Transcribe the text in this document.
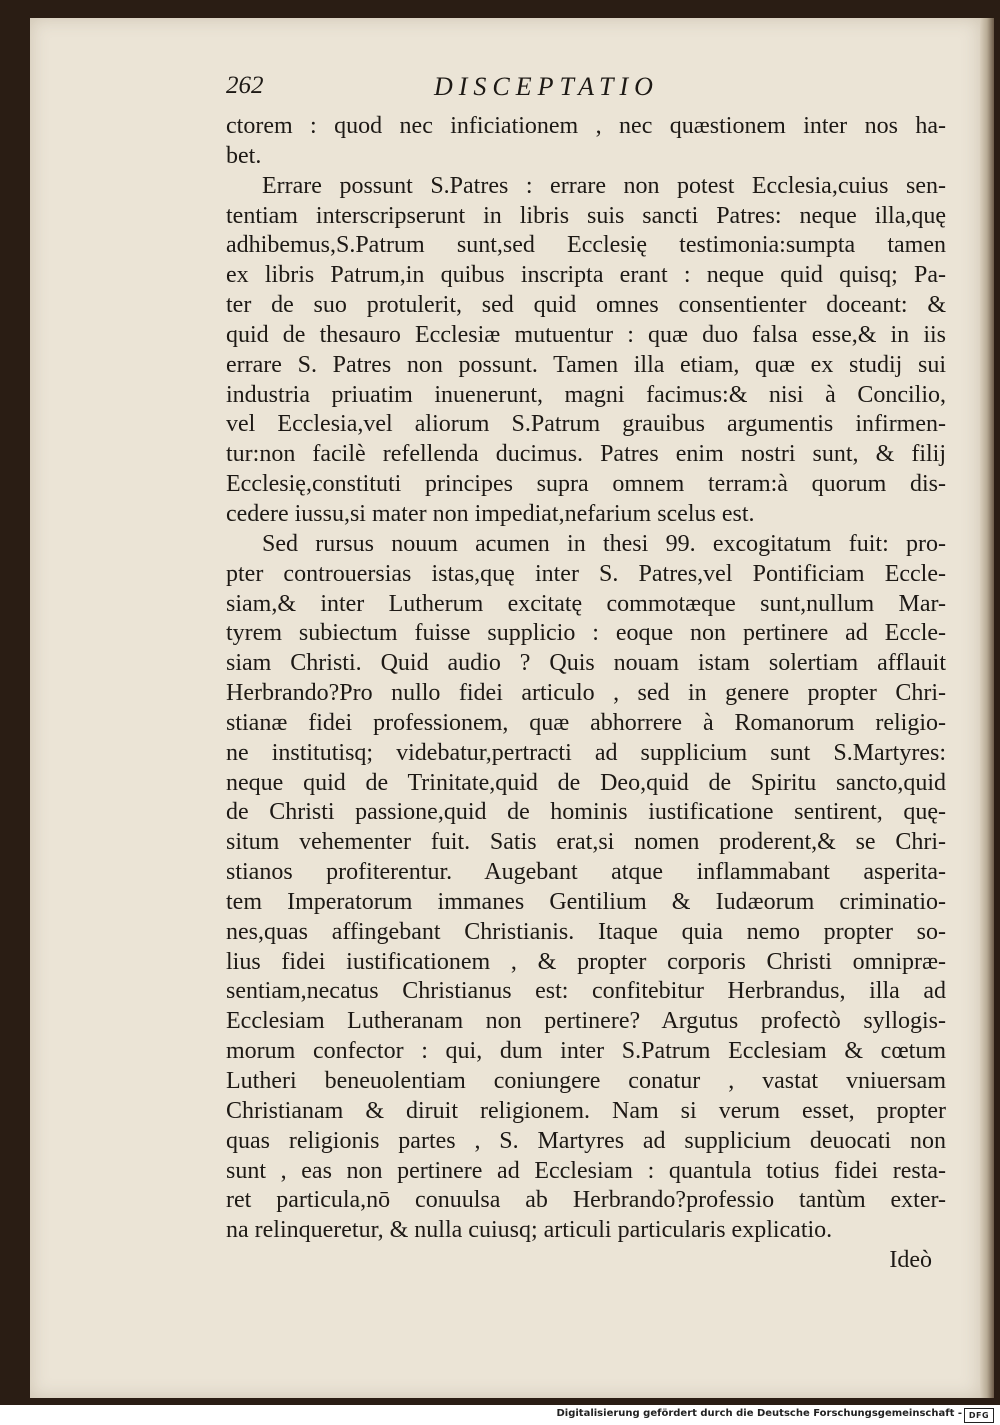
262	DISCEPTATIO
ctorem : quod nec inficiationem , nec quæstionem inter nos ha-
bet.
Errare possunt S.Patres : errare non potest Ecclesia,cuius sen-
tentiam interscripserunt in libris suis sancti Patres: neque illa,quę
adhibemus,S.Patrum sunt,sed Ecclesię testimonia:sumpta tamen
ex libris Patrum,in quibus inscripta erant : neque quid quisq; Pa-
ter de suo protulerit, sed quid omnes consentienter doceant: &
quid de thesauro Ecclesiæ mutuentur : quæ duo falsa esse,& in iis
errare S. Patres non possunt. Tamen illa etiam, quæ ex studij sui
industria priuatim inuenerunt, magni facimus:& nisi à Concilio,
vel Ecclesia,vel aliorum S.Patrum grauibus argumentis infirmen-
tur:non facilè refellenda ducimus. Patres enim nostri sunt, & filij
Ecclesię,constituti principes supra omnem terram:à quorum dis-
cedere iussu,si mater non impediat,nefarium scelus est.
Sed rursus nouum acumen in thesi 99. excogitatum fuit: pro-
pter controuersias istas,quę inter S. Patres,vel Pontificiam Eccle-
siam,& inter Lutherum excitatę commotæque sunt,nullum Mar-
tyrem subiectum fuisse supplicio : eoque non pertinere ad Eccle-
siam Christi. Quid audio ? Quis nouam istam solertiam afflauit
Herbrando?Pro nullo fidei articulo , sed in genere propter Chri-
stianæ fidei professionem, quæ abhorrere à Romanorum religio-
ne institutisq; videbatur,pertracti ad supplicium sunt S.Martyres:
neque quid de Trinitate,quid de Deo,quid de Spiritu sancto,quid
de Christi passione,quid de hominis iustificatione sentirent, quę-
situm vehementer fuit. Satis erat,si nomen proderent,& se Chri-
stianos profiterentur. Augebant atque inflammabant asperita-
tem Imperatorum immanes Gentilium & Iudæorum criminatio-
nes,quas affingebant Christianis. Itaque quia nemo propter so-
lius fidei iustificationem , & propter corporis Christi omnipræ-
sentiam,necatus Christianus est: confitebitur Herbrandus, illa ad
Ecclesiam Lutheranam non pertinere? Argutus profectò syllogis-
morum confector : qui, dum inter S.Patrum Ecclesiam & cœtum
Lutheri beneuolentiam coniungere conatur , vastat vniuersam
Christianam & diruit religionem. Nam si verum esset, propter
quas religionis partes , S. Martyres ad supplicium deuocati non
sunt , eas non pertinere ad Ecclesiam : quantula totius fidei resta-
ret particula,nō conuulsa ab Herbrando?professio tantùm exter-
na relinqueretur, & nulla cuiusq; articuli particularis explicatio.
Ideò
Digitalisierung gefördert durch die Deutsche Forschungsgemeinschaft - DFG
